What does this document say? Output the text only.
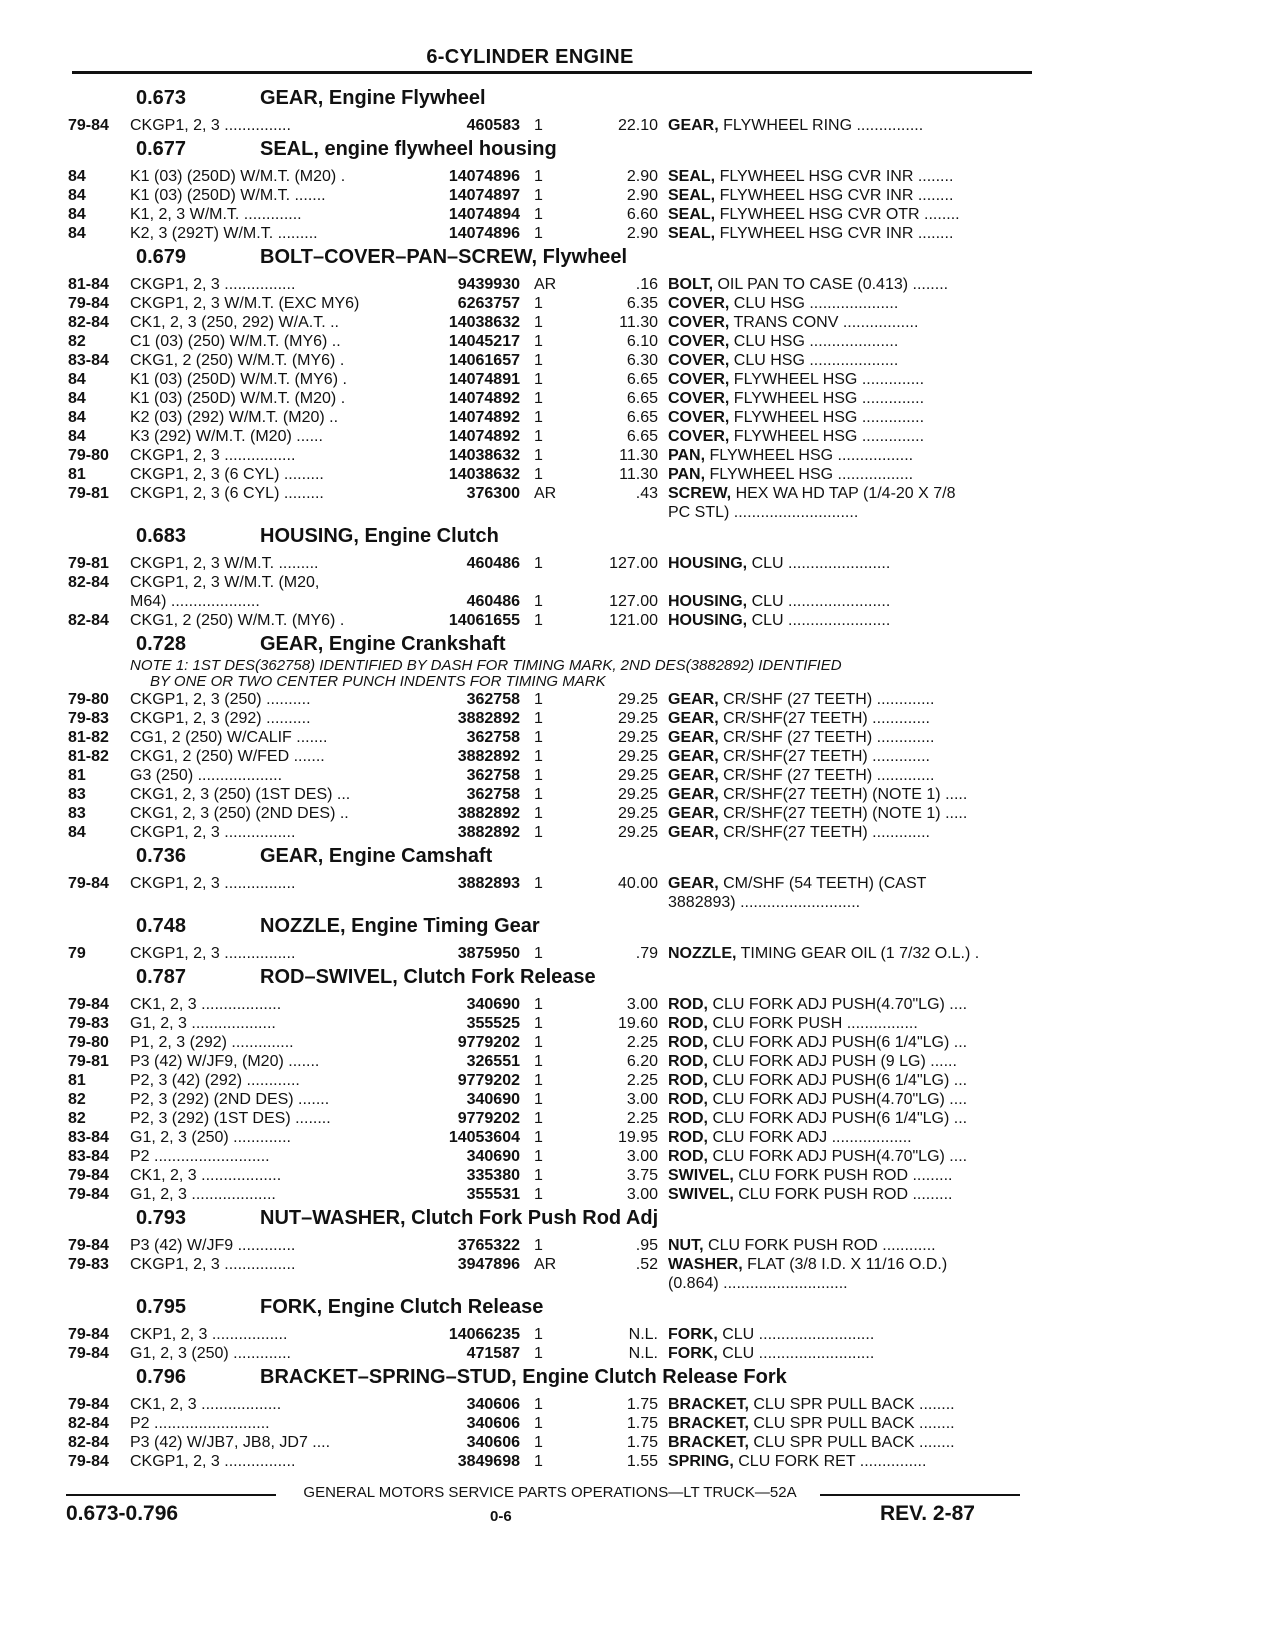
6-CYLINDER ENGINE
0.673	GEAR, Engine Flywheel
79-84 CKGP1, 2, 3 ...............	460583 1	22.10 GEAR, FLYWHEEL RING ...............
0.677	SEAL, engine flywheel housing
84	K1 (03) (250D) W/M.T. (M20) .	14074896 1	2.90 SEAL, FLYWHEEL HSG CVR INR ........
84	K1 (03) (250D) W/M.T. .......	14074897 1	2.90 SEAL, FLYWHEEL HSG CVR INR ........
84	K1, 2, 3 W/M.T. .............	14074894 1	6.60 SEAL, FLYWHEEL HSG CVR OTR ........
84	K2, 3 (292T) W/M.T. .........	14074896 1	2.90 SEAL, FLYWHEEL HSG CVR INR ........
0.679	BOLT–COVER–PAN–SCREW, Flywheel
81-84 CKGP1, 2, 3 ................	9439930 AR	.16 BOLT, OIL PAN TO CASE (0.413) ........
79-84 CKGP1, 2, 3 W/M.T. (EXC MY6)	6263757 1	6.35 COVER, CLU HSG ....................
82-84 CK1, 2, 3 (250, 292) W/A.T. ..	14038632 1	11.30 COVER, TRANS CONV .................
82	C1 (03) (250) W/M.T. (MY6) ..	14045217 1	6.10 COVER, CLU HSG ....................
83-84 CKG1, 2 (250) W/M.T. (MY6) .	14061657 1	6.30 COVER, CLU HSG ....................
84	K1 (03) (250D) W/M.T. (MY6) .	14074891 1	6.65 COVER, FLYWHEEL HSG ..............
84	K1 (03) (250D) W/M.T. (M20) .	14074892 1	6.65 COVER, FLYWHEEL HSG ..............
84	K2 (03) (292) W/M.T. (M20) ..	14074892 1	6.65 COVER, FLYWHEEL HSG ..............
84	K3 (292) W/M.T. (M20) ......	14074892 1	6.65 COVER, FLYWHEEL HSG ..............
79-80 CKGP1, 2, 3 ................	14038632 1	11.30 PAN, FLYWHEEL HSG .................
81	CKGP1, 2, 3 (6 CYL) .........	14038632 1	11.30 PAN, FLYWHEEL HSG .................
79-81 CKGP1, 2, 3 (6 CYL) .........	376300 AR	.43 SCREW, HEX WA HD TAP (1/4-20 X 7/8
PC STL) ............................
0.683	HOUSING, Engine Clutch
79-81 CKGP1, 2, 3 W/M.T. .........	460486 1	127.00 HOUSING, CLU .......................
82-84 CKGP1, 2, 3 W/M.T. (M20,
M64) ....................	460486 1	127.00 HOUSING, CLU .......................
82-84 CKG1, 2 (250) W/M.T. (MY6) .	14061655 1	121.00 HOUSING, CLU .......................
0.728	GEAR, Engine Crankshaft
NOTE 1: 1ST DES(362758) IDENTIFIED BY DASH FOR TIMING MARK, 2ND DES(3882892) IDENTIFIED
BY ONE OR TWO CENTER PUNCH INDENTS FOR TIMING MARK
79-80 CKGP1, 2, 3 (250) ..........	362758 1	29.25 GEAR, CR/SHF (27 TEETH) .............
79-83 CKGP1, 2, 3 (292) ..........	3882892 1	29.25 GEAR, CR/SHF(27 TEETH) .............
81-82 CG1, 2 (250) W/CALIF .......	362758 1	29.25 GEAR, CR/SHF (27 TEETH) .............
81-82 CKG1, 2 (250) W/FED .......	3882892 1	29.25 GEAR, CR/SHF(27 TEETH) .............
81	G3 (250) ...................	362758 1	29.25 GEAR, CR/SHF (27 TEETH) .............
83	CKG1, 2, 3 (250) (1ST DES) ...	362758 1	29.25 GEAR, CR/SHF(27 TEETH) (NOTE 1) .....
83	CKG1, 2, 3 (250) (2ND DES) ..	3882892 1	29.25 GEAR, CR/SHF(27 TEETH) (NOTE 1) .....
84	CKGP1, 2, 3 ................	3882892 1	29.25 GEAR, CR/SHF(27 TEETH) .............
0.736	GEAR, Engine Camshaft
79-84 CKGP1, 2, 3 ................	3882893 1	40.00 GEAR, CM/SHF (54 TEETH) (CAST
3882893) ...........................
0.748	NOZZLE, Engine Timing Gear
79	CKGP1, 2, 3 ................	3875950 1	.79 NOZZLE, TIMING GEAR OIL (1 7/32 O.L.) .
0.787	ROD–SWIVEL, Clutch Fork Release
79-84 CK1, 2, 3 ..................	340690 1	3.00 ROD, CLU FORK ADJ PUSH(4.70"LG) ....
79-83 G1, 2, 3 ...................	355525 1	19.60 ROD, CLU FORK PUSH ................
79-80 P1, 2, 3 (292) ..............	9779202 1	2.25 ROD, CLU FORK ADJ PUSH(6 1/4"LG) ...
79-81 P3 (42) W/JF9, (M20) .......	326551 1	6.20 ROD, CLU FORK ADJ PUSH (9 LG) ......
81	P2, 3 (42) (292) ............	9779202 1	2.25 ROD, CLU FORK ADJ PUSH(6 1/4"LG) ...
82	P2, 3 (292) (2ND DES) .......	340690 1	3.00 ROD, CLU FORK ADJ PUSH(4.70"LG) ....
82	P2, 3 (292) (1ST DES) ........	9779202 1	2.25 ROD, CLU FORK ADJ PUSH(6 1/4"LG) ...
83-84 G1, 2, 3 (250) .............	14053604 1	19.95 ROD, CLU FORK ADJ ..................
83-84 P2 ..........................	340690 1	3.00 ROD, CLU FORK ADJ PUSH(4.70"LG) ....
79-84 CK1, 2, 3 ..................	335380 1	3.75 SWIVEL, CLU FORK PUSH ROD .........
79-84 G1, 2, 3 ...................	355531 1	3.00 SWIVEL, CLU FORK PUSH ROD .........
0.793	NUT–WASHER, Clutch Fork Push Rod Adj
79-84 P3 (42) W/JF9 .............	3765322 1	.95 NUT, CLU FORK PUSH ROD ............
79-83 CKGP1, 2, 3 ................	3947896 AR	.52 WASHER, FLAT (3/8 I.D. X 11/16 O.D.)
(0.864) ............................
0.795	FORK, Engine Clutch Release
79-84 CKP1, 2, 3 .................	14066235 1	N.L. FORK, CLU ..........................
79-84 G1, 2, 3 (250) .............	471587 1	N.L. FORK, CLU ..........................
0.796	BRACKET–SPRING–STUD, Engine Clutch Release Fork
79-84 CK1, 2, 3 ..................	340606 1	1.75 BRACKET, CLU SPR PULL BACK ........
82-84 P2 ..........................	340606 1	1.75 BRACKET, CLU SPR PULL BACK ........
82-84 P3 (42) W/JB7, JB8, JD7 ....	340606 1	1.75 BRACKET, CLU SPR PULL BACK ........
79-84 CKGP1, 2, 3 ................	3849698 1	1.55 SPRING, CLU FORK RET ...............
GENERAL MOTORS SERVICE PARTS OPERATIONS—LT TRUCK—52A
0.673-0.796	0-6	REV. 2-87
